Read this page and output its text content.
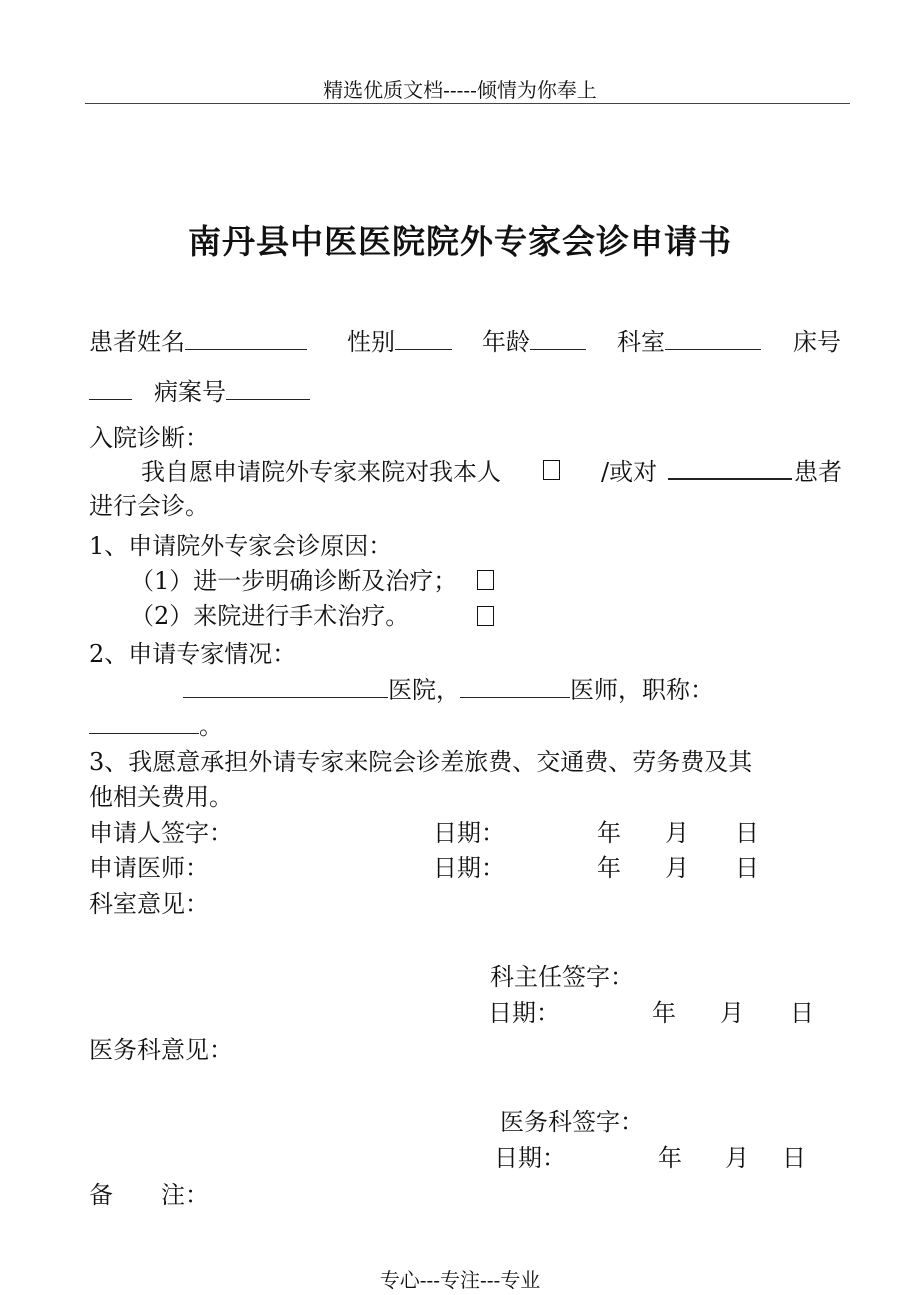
精选优质文档-----倾情为你奉上
南丹县中医医院院外专家会诊申请书
患者姓名	性别	年龄	科室	床号
病案号
入院诊断：
我自愿申请院外专家来院对我本人	/或对	患者
进行会诊。
1、申请院外专家会诊原因：
（1）进一步明确诊断及治疗；
（2）来院进行手术治疗。
2、申请专家情况：
医院，	医师，职称：
。
3、我愿意承担外请专家来院会诊差旅费、交通费、劳务费及其
他相关费用。
申请人签字：	日期：	年 月 日
申请医师：	日期：	年 月 日
科室意见：
科主任签字：
日期：	年 月 日
医务科意见：
医务科签字：
日期：	年 月 日
备　　注：
专心---专注---专业
